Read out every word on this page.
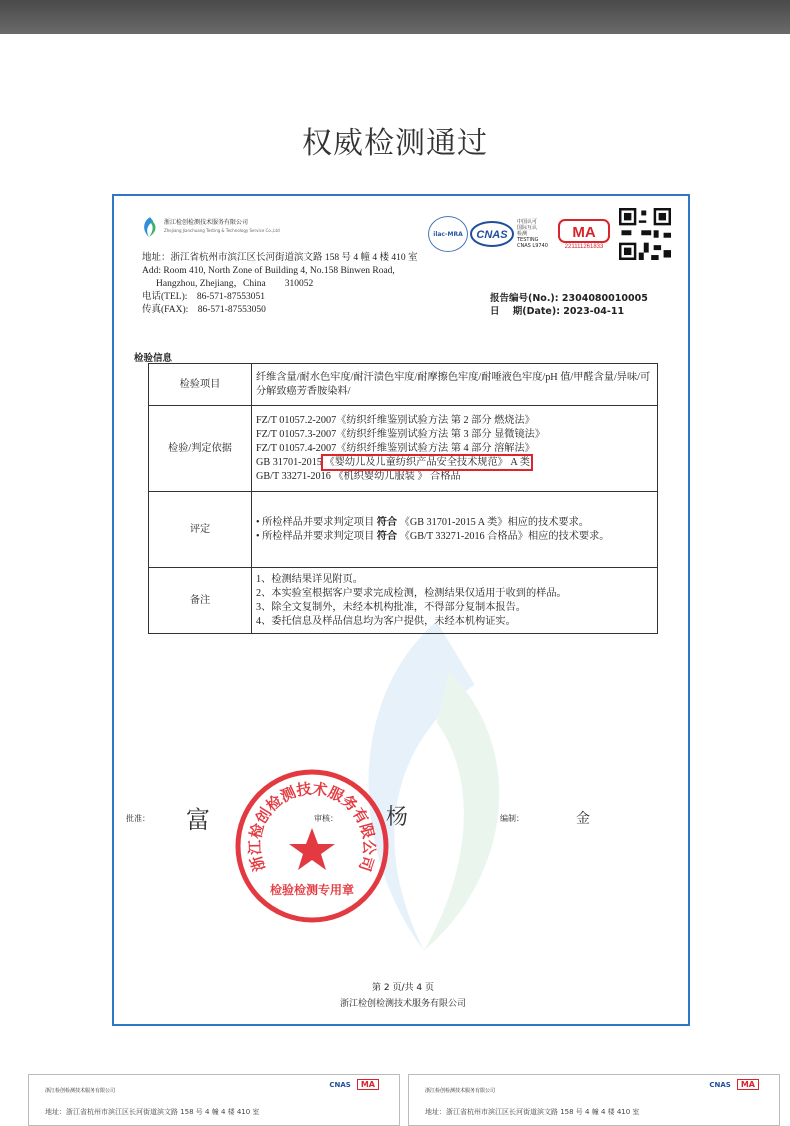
权威检测通过
浙江检创检测技术服务有限公司
Zhejiang Jianchuang Testing & Technology Service Co.,Ltd	ilac-MRA	CNAS
中国认可
国际互认
检测
TESTING
CNAS L9740
MA
221111261833
地址：浙江省杭州市滨江区长河街道滨文路 158 号 4 幢 4 楼 410 室
Add: Room 410, North Zone of Building 4, No.158 Binwen Road,
Hangzhou, Zhejiang，China        310052
电话(TEL):    86-571-87553051
传真(FAX):    86-571-87553050
报告编号(No.): 2304080010005
日    期(Date): 2023-04-11
检验信息
检验项目	纤维含量/耐水色牢度/耐汗渍色牢度/耐摩擦色牢度/耐唾液色牢度/pH 值/甲醛含量/异味/可分解致癌芳香胺染料/
检验/判定依据	FZ/T 01057.2-2007《纺织纤维鉴别试验方法 第 2 部分 燃烧法》
FZ/T 01057.3-2007《纺织纤维鉴别试验方法 第 3 部分 显微镜法》
FZ/T 01057.4-2007《纺织纤维鉴别试验方法 第 4 部分 溶解法》
GB 31701-2015 《婴幼儿及儿童纺织产品安全技术规范》 A 类
GB/T 33271-2016 《机织婴幼儿服装 》 合格品

评定	• 所检样品并要求判定项目 符合 《GB 31701-2015 A 类》相应的技术要求。
• 所检样品并要求判定项目 符合 《GB/T 33271-2016 合格品》相应的技术要求。

备注	1、检测结果详见附页。
2、本实验室根据客户要求完成检测，检测结果仅适用于收到的样品。
3、除全文复制外，未经本机构批准，不得部分复制本报告。
4、委托信息及样品信息均为客户提供，未经本机构证实。
批准： 富	审核： 杨	编制：	金
浙江检创检测技术服务有限公司
检验检测专用章
第 2 页/共 4 页
浙江检创检测技术服务有限公司
浙江检创检测技术服务有限公司
CNAS	MA
地址：浙江省杭州市滨江区长河街道滨文路 158 号 4 幢 4 楼 410 室
浙江检创检测技术服务有限公司
CNAS	MA
地址：浙江省杭州市滨江区长河街道滨文路 158 号 4 幢 4 楼 410 室
